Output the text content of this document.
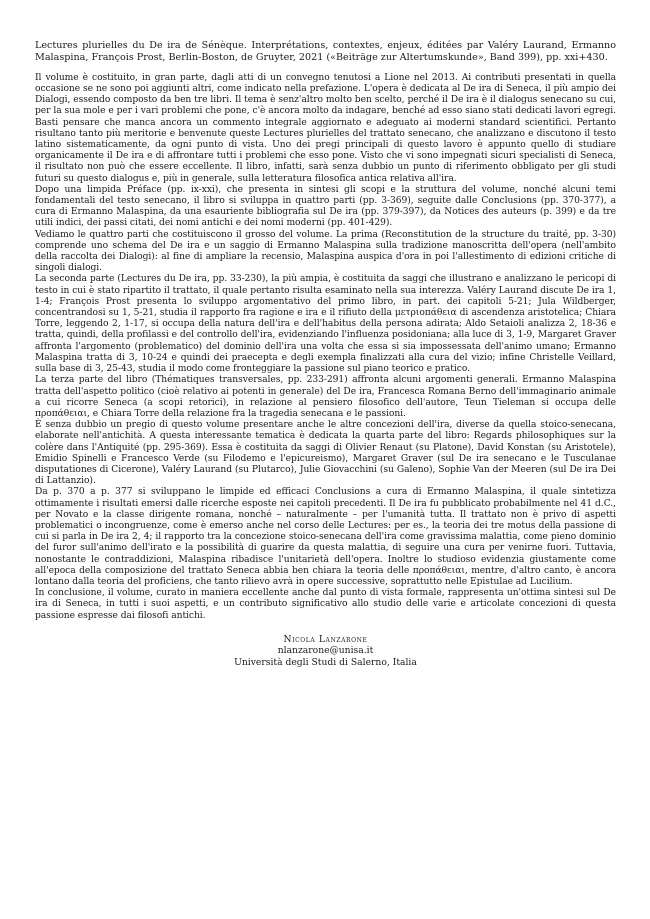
Lectures plurielles du De ira de Sénèque. Interprétations, contextes, enjeux, éditées par Valéry Laurand, Ermanno Malaspina, François Prost, Berlin-Boston, de Gruyter, 2021 («Beiträge zur Altertumskunde», Band 399), pp. xxi+430.

Il volume è costituito, in gran parte, dagli atti di un convegno tenutosi a Lione nel 2013. Ai contributi presentati in quella occasione se ne sono poi aggiunti altri, come indicato nella prefazione. L'opera è dedicata al De ira di Seneca, il più ampio dei Dialogi, essendo composto da ben tre libri. Il tema è senz'altro molto ben scelto, perché il De ira è il dialogus senecano su cui, per la sua mole e per i vari problemi che pone, c'è ancora molto da indagare, benché ad esso siano stati dedicati lavori egregi. Basti pensare che manca ancora un commento integrale aggiornato e adeguato ai moderni standard scientifici. Pertanto risultano tanto più meritorie e benvenute queste Lectures plurielles del trattato senecano, che analizzano e discutono il testo latino sistematicamente, da ogni punto di vista. Uno dei pregi principali di questo lavoro è appunto quello di studiare organicamente il De ira e di affrontare tutti i problemi che esso pone. Visto che vi sono impegnati sicuri specialisti di Seneca, il risultato non può che essere eccellente. Il libro, infatti, sarà senza dubbio un punto di riferimento obbligato per gli studi futuri su questo dialogus e, più in generale, sulla letteratura filosofica antica relativa all'ira.

Dopo una limpida Préface (pp. ix-xxi), che presenta in sintesi gli scopi e la struttura del volume, nonché alcuni temi fondamentali del testo senecano, il libro si sviluppa in quattro parti (pp. 3-369), seguite dalle Conclusions (pp. 370-377), a cura di Ermanno Malaspina, da una esauriente bibliografia sul De ira (pp. 379-397), da Notices des auteurs (p. 399) e da tre utili indici, dei passi citati, dei nomi antichi e dei nomi moderni (pp. 401-429).

Vediamo le quattro parti che costituiscono il grosso del volume. La prima (Reconstitution de la structure du traité, pp. 3-30) comprende uno schema del De ira e un saggio di Ermanno Malaspina sulla tradizione manoscritta dell'opera (nell'ambito della raccolta dei Dialogi): al fine di ampliare la recensio, Malaspina auspica d'ora in poi l'allestimento di edizioni critiche di singoli dialogi.

La seconda parte (Lectures du De ira, pp. 33-230), la più ampia, è costituita da saggi che illustrano e analizzano le pericopi di testo in cui è stato ripartito il trattato, il quale pertanto risulta esaminato nella sua interezza. Valéry Laurand discute De ira 1, 1-4; François Prost presenta lo sviluppo argomentativo del primo libro, in part. dei capitoli 5-21; Jula Wildberger, concentrandosi su 1, 5-21, studia il rapporto fra ragione e ira e il rifiuto della μετριοπάθεια di ascendenza aristotelica; Chiara Torre, leggendo 2, 1-17, si occupa della natura dell'ira e dell'habitus della persona adirata; Aldo Setaioli analizza 2, 18-36 e tratta, quindi, della profilassi e del controllo dell'ira, evidenziando l'influenza posidoniana; alla luce di 3, 1-9, Margaret Graver affronta l'argomento (problematico) del dominio dell'ira una volta che essa si sia impossessata dell'animo umano; Ermanno Malaspina tratta di 3, 10-24 e quindi dei praecepta e degli exempla finalizzati alla cura del vizio; infine Christelle Veillard, sulla base di 3, 25-43, studia il modo come fronteggiare la passione sul piano teorico e pratico.

La terza parte del libro (Thématiques transversales, pp. 233-291) affronta alcuni argomenti generali. Ermanno Malaspina tratta dell'aspetto politico (cioè relativo ai potenti in generale) del De ira, Francesca Romana Berno dell'immaginario animale a cui ricorre Seneca (a scopi retorici), in relazione al pensiero filosofico dell'autore, Teun Tieleman si occupa delle προπάθειαι, e Chiara Torre della relazione fra la tragedia senecana e le passioni.

È senza dubbio un pregio di questo volume presentare anche le altre concezioni dell'ira, diverse da quella stoico-senecana, elaborate nell'antichità. A questa interessante tematica è dedicata la quarta parte del libro: Regards philosophiques sur la colère dans l'Antiquité (pp. 295-369). Essa è costituita da saggi di Olivier Renaut (su Platone), David Konstan (su Aristotele), Emidio Spinelli e Francesco Verde (su Filodemo e l'epicureismo), Margaret Graver (sul De ira senecano e le Tusculanae disputationes di Cicerone), Valéry Laurand (su Plutarco), Julie Giovacchini (su Galeno), Sophie Van der Meeren (sul De ira Dei di Lattanzio).

Da p. 370 a p. 377 si sviluppano le limpide ed efficaci Conclusions a cura di Ermanno Malaspina, il quale sintetizza ottimamente i risultati emersi dalle ricerche esposte nei capitoli precedenti. Il De ira fu pubblicato probabilmente nel 41 d.C., per Novato e la classe dirigente romana, nonché – naturalmente – per l'umanità tutta. Il trattato non è privo di aspetti problematici o incongruenze, come è emerso anche nel corso delle Lectures: per es., la teoria dei tre motus della passione di cui si parla in De ira 2, 4; il rapporto tra la concezione stoico-senecana dell'ira come gravissima malattia, come pieno dominio del furor sull'animo dell'irato e la possibilità di guarire da questa malattia, di seguire una cura per venirne fuori. Tuttavia, nonostante le contraddizioni, Malaspina ribadisce l'unitarietà dell'opera. Inoltre lo studioso evidenzia giustamente come all'epoca della composizione del trattato Seneca abbia ben chiara la teoria delle προπάθειαι, mentre, d'altro canto, è ancora lontano dalla teoria del proficiens, che tanto rilievo avrà in opere successive, soprattutto nelle Epistulae ad Lucilium.

In conclusione, il volume, curato in maniera eccellente anche dal punto di vista formale, rappresenta un'ottima sintesi sul De ira di Seneca, in tutti i suoi aspetti, e un contributo significativo allo studio delle varie e articolate concezioni di questa passione espresse dai filosofi antichi.

Nicola Lanzarone
nlanzarone@unisa.it
Università degli Studi di Salerno, Italia
